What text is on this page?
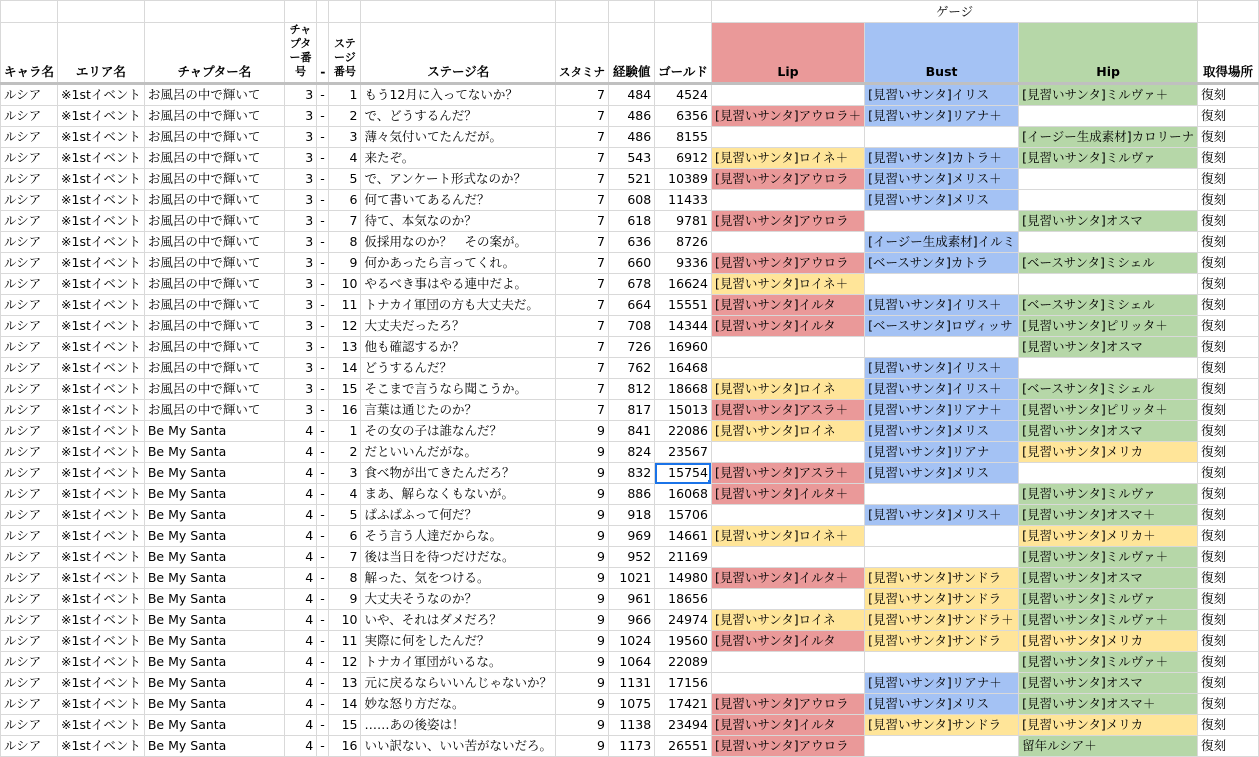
										ゲージ			
キャラ名	エリア名	チャプター名	チャプター番号	-	ステージ番号	ステージ名	スタミナ	経験値	ゴールド	Lip	Bust	Hip	取得場所
ルシア	※1stイベント	お風呂の中で輝いて	3	-	1	もう12月に入ってないか？	7	484	4524		[見習いサンタ]イリス	[見習いサンタ]ミルヴァ＋	復刻
ルシア	※1stイベント	お風呂の中で輝いて	3	-	2	で、どうするんだ？	7	486	6356	[見習いサンタ]アウロラ＋	[見習いサンタ]リアナ＋		復刻
ルシア	※1stイベント	お風呂の中で輝いて	3	-	3	薄々気付いてたんだが。	7	486	8155			[イージー生成素材]カロリーナ	復刻
ルシア	※1stイベント	お風呂の中で輝いて	3	-	4	来たぞ。	7	543	6912	[見習いサンタ]ロイネ＋	[見習いサンタ]カトラ＋	[見習いサンタ]ミルヴァ	復刻
ルシア	※1stイベント	お風呂の中で輝いて	3	-	5	で、アンケート形式なのか？	7	521	10389	[見習いサンタ]アウロラ	[見習いサンタ]メリス＋		復刻
ルシア	※1stイベント	お風呂の中で輝いて	3	-	6	何て書いてあるんだ？	7	608	11433		[見習いサンタ]メリス		復刻
ルシア	※1stイベント	お風呂の中で輝いて	3	-	7	待て、本気なのか？	7	618	9781	[見習いサンタ]アウロラ		[見習いサンタ]オスマ	復刻
ルシア	※1stイベント	お風呂の中で輝いて	3	-	8	仮採用なのか？　その案が。	7	636	8726		[イージー生成素材]イルミ		復刻
ルシア	※1stイベント	お風呂の中で輝いて	3	-	9	何かあったら言ってくれ。	7	660	9336	[見習いサンタ]アウロラ	[ベースサンタ]カトラ	[ベースサンタ]ミシェル	復刻
ルシア	※1stイベント	お風呂の中で輝いて	3	-	10	やるべき事はやる連中だよ。	7	678	16624	[見習いサンタ]ロイネ＋			復刻
ルシア	※1stイベント	お風呂の中で輝いて	3	-	11	トナカイ軍団の方も大丈夫だ。	7	664	15551	[見習いサンタ]イルタ	[見習いサンタ]イリス＋	[ベースサンタ]ミシェル	復刻
ルシア	※1stイベント	お風呂の中で輝いて	3	-	12	大丈夫だったろ？	7	708	14344	[見習いサンタ]イルタ	[ベースサンタ]ロヴィッサ	[見習いサンタ]ピリッタ＋	復刻
ルシア	※1stイベント	お風呂の中で輝いて	3	-	13	他も確認するか？	7	726	16960			[見習いサンタ]オスマ	復刻
ルシア	※1stイベント	お風呂の中で輝いて	3	-	14	どうするんだ？	7	762	16468		[見習いサンタ]イリス＋		復刻
ルシア	※1stイベント	お風呂の中で輝いて	3	-	15	そこまで言うなら聞こうか。	7	812	18668	[見習いサンタ]ロイネ	[見習いサンタ]イリス＋	[ベースサンタ]ミシェル	復刻
ルシア	※1stイベント	お風呂の中で輝いて	3	-	16	言葉は通じたのか？	7	817	15013	[見習いサンタ]アスラ＋	[見習いサンタ]リアナ＋	[見習いサンタ]ピリッタ＋	復刻
ルシア	※1stイベント	Be My Santa	4	-	1	その女の子は誰なんだ？	9	841	22086	[見習いサンタ]ロイネ	[見習いサンタ]メリス	[見習いサンタ]オスマ	復刻
ルシア	※1stイベント	Be My Santa	4	-	2	だといいんだがな。	9	824	23567		[見習いサンタ]リアナ	[見習いサンタ]メリカ	復刻
ルシア	※1stイベント	Be My Santa	4	-	3	食べ物が出てきたんだろ？	9	832	15754	[見習いサンタ]アスラ＋	[見習いサンタ]メリス		復刻
ルシア	※1stイベント	Be My Santa	4	-	4	まあ、解らなくもないが。	9	886	16068	[見習いサンタ]イルタ＋		[見習いサンタ]ミルヴァ	復刻
ルシア	※1stイベント	Be My Santa	4	-	5	ぱふぱふって何だ？	9	918	15706		[見習いサンタ]メリス＋	[見習いサンタ]オスマ＋	復刻
ルシア	※1stイベント	Be My Santa	4	-	6	そう言う人達だからな。	9	969	14661	[見習いサンタ]ロイネ＋		[見習いサンタ]メリカ＋	復刻
ルシア	※1stイベント	Be My Santa	4	-	7	後は当日を待つだけだな。	9	952	21169			[見習いサンタ]ミルヴァ＋	復刻
ルシア	※1stイベント	Be My Santa	4	-	8	解った、気をつける。	9	1021	14980	[見習いサンタ]イルタ＋	[見習いサンタ]サンドラ	[見習いサンタ]オスマ	復刻
ルシア	※1stイベント	Be My Santa	4	-	9	大丈夫そうなのか？	9	961	18656		[見習いサンタ]サンドラ	[見習いサンタ]ミルヴァ	復刻
ルシア	※1stイベント	Be My Santa	4	-	10	いや、それはダメだろ？	9	966	24974	[見習いサンタ]ロイネ	[見習いサンタ]サンドラ＋	[見習いサンタ]ミルヴァ＋	復刻
ルシア	※1stイベント	Be My Santa	4	-	11	実際に何をしたんだ？	9	1024	19560	[見習いサンタ]イルタ	[見習いサンタ]サンドラ	[見習いサンタ]メリカ	復刻
ルシア	※1stイベント	Be My Santa	4	-	12	トナカイ軍団がいるな。	9	1064	22089			[見習いサンタ]ミルヴァ＋	復刻
ルシア	※1stイベント	Be My Santa	4	-	13	元に戻るならいいんじゃないか？	9	1131	17156		[見習いサンタ]リアナ＋	[見習いサンタ]オスマ	復刻
ルシア	※1stイベント	Be My Santa	4	-	14	妙な怒り方だな。	9	1075	17421	[見習いサンタ]アウロラ	[見習いサンタ]メリス	[見習いサンタ]オスマ＋	復刻
ルシア	※1stイベント	Be My Santa	4	-	15	……あの後姿は！	9	1138	23494	[見習いサンタ]イルタ	[見習いサンタ]サンドラ	[見習いサンタ]メリカ	復刻
ルシア	※1stイベント	Be My Santa	4	-	16	いい訳ない、いい苦がないだろ。	9	1173	26551	[見習いサンタ]アウロラ		留年ルシア＋	復刻
